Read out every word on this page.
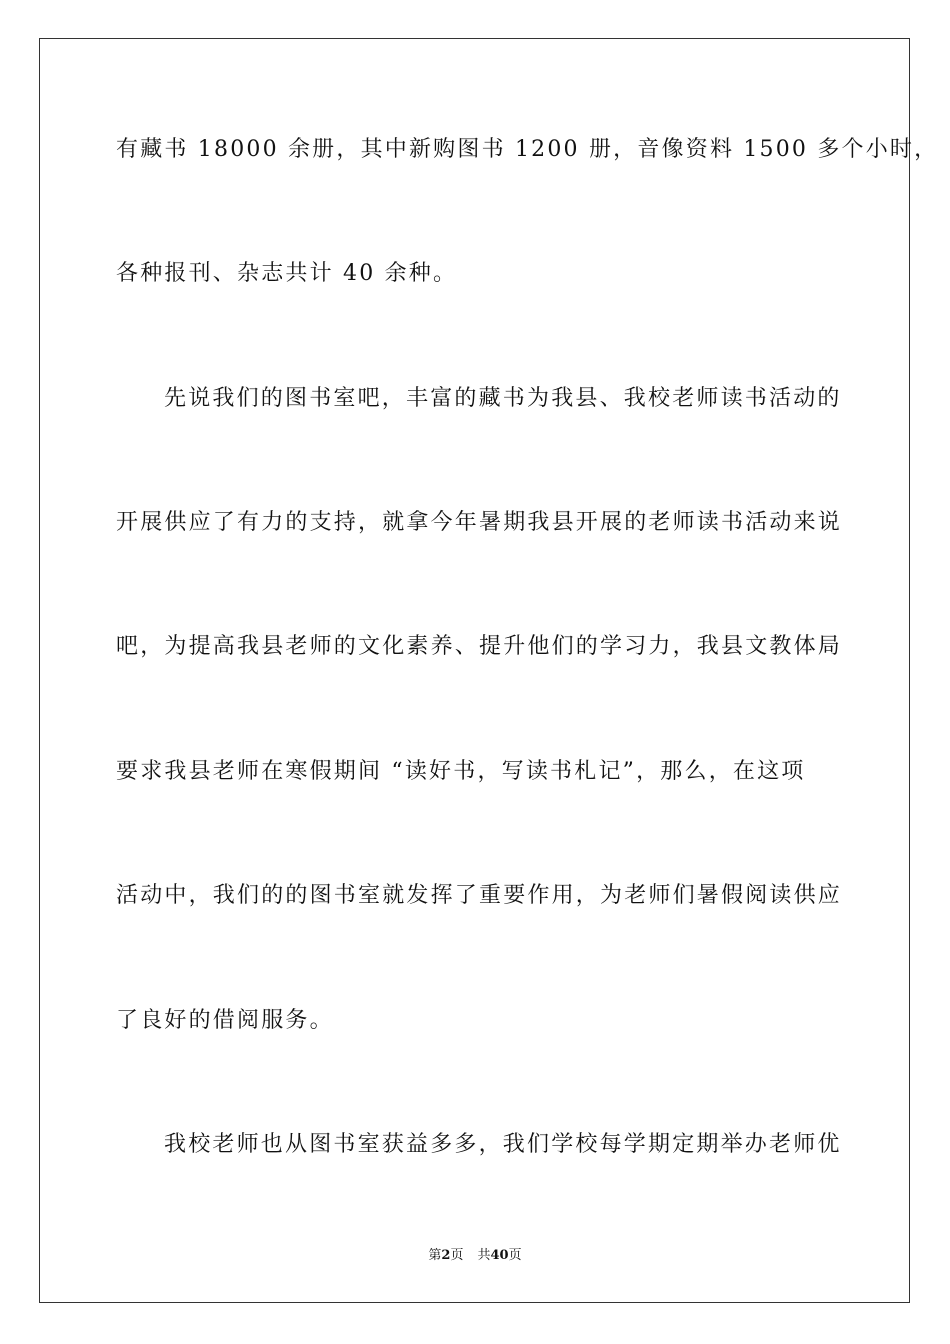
有藏书 18000 余册，其中新购图书 1200 册，音像资料 1500 多个小时，
各种报刊、杂志共计 40 余种。
先说我们的图书室吧，丰富的藏书为我县、我校老师读书活动的
开展供应了有力的支持，就拿今年暑期我县开展的老师读书活动来说
吧，为提高我县老师的文化素养、提升他们的学习力，我县文教体局
要求我县老师在寒假期间 “读好书，写读书札记”，那么，在这项
活动中，我们的的图书室就发挥了重要作用，为老师们暑假阅读供应
了良好的借阅服务。
我校老师也从图书室获益多多，我们学校每学期定期举办老师优
第2页 共40页
